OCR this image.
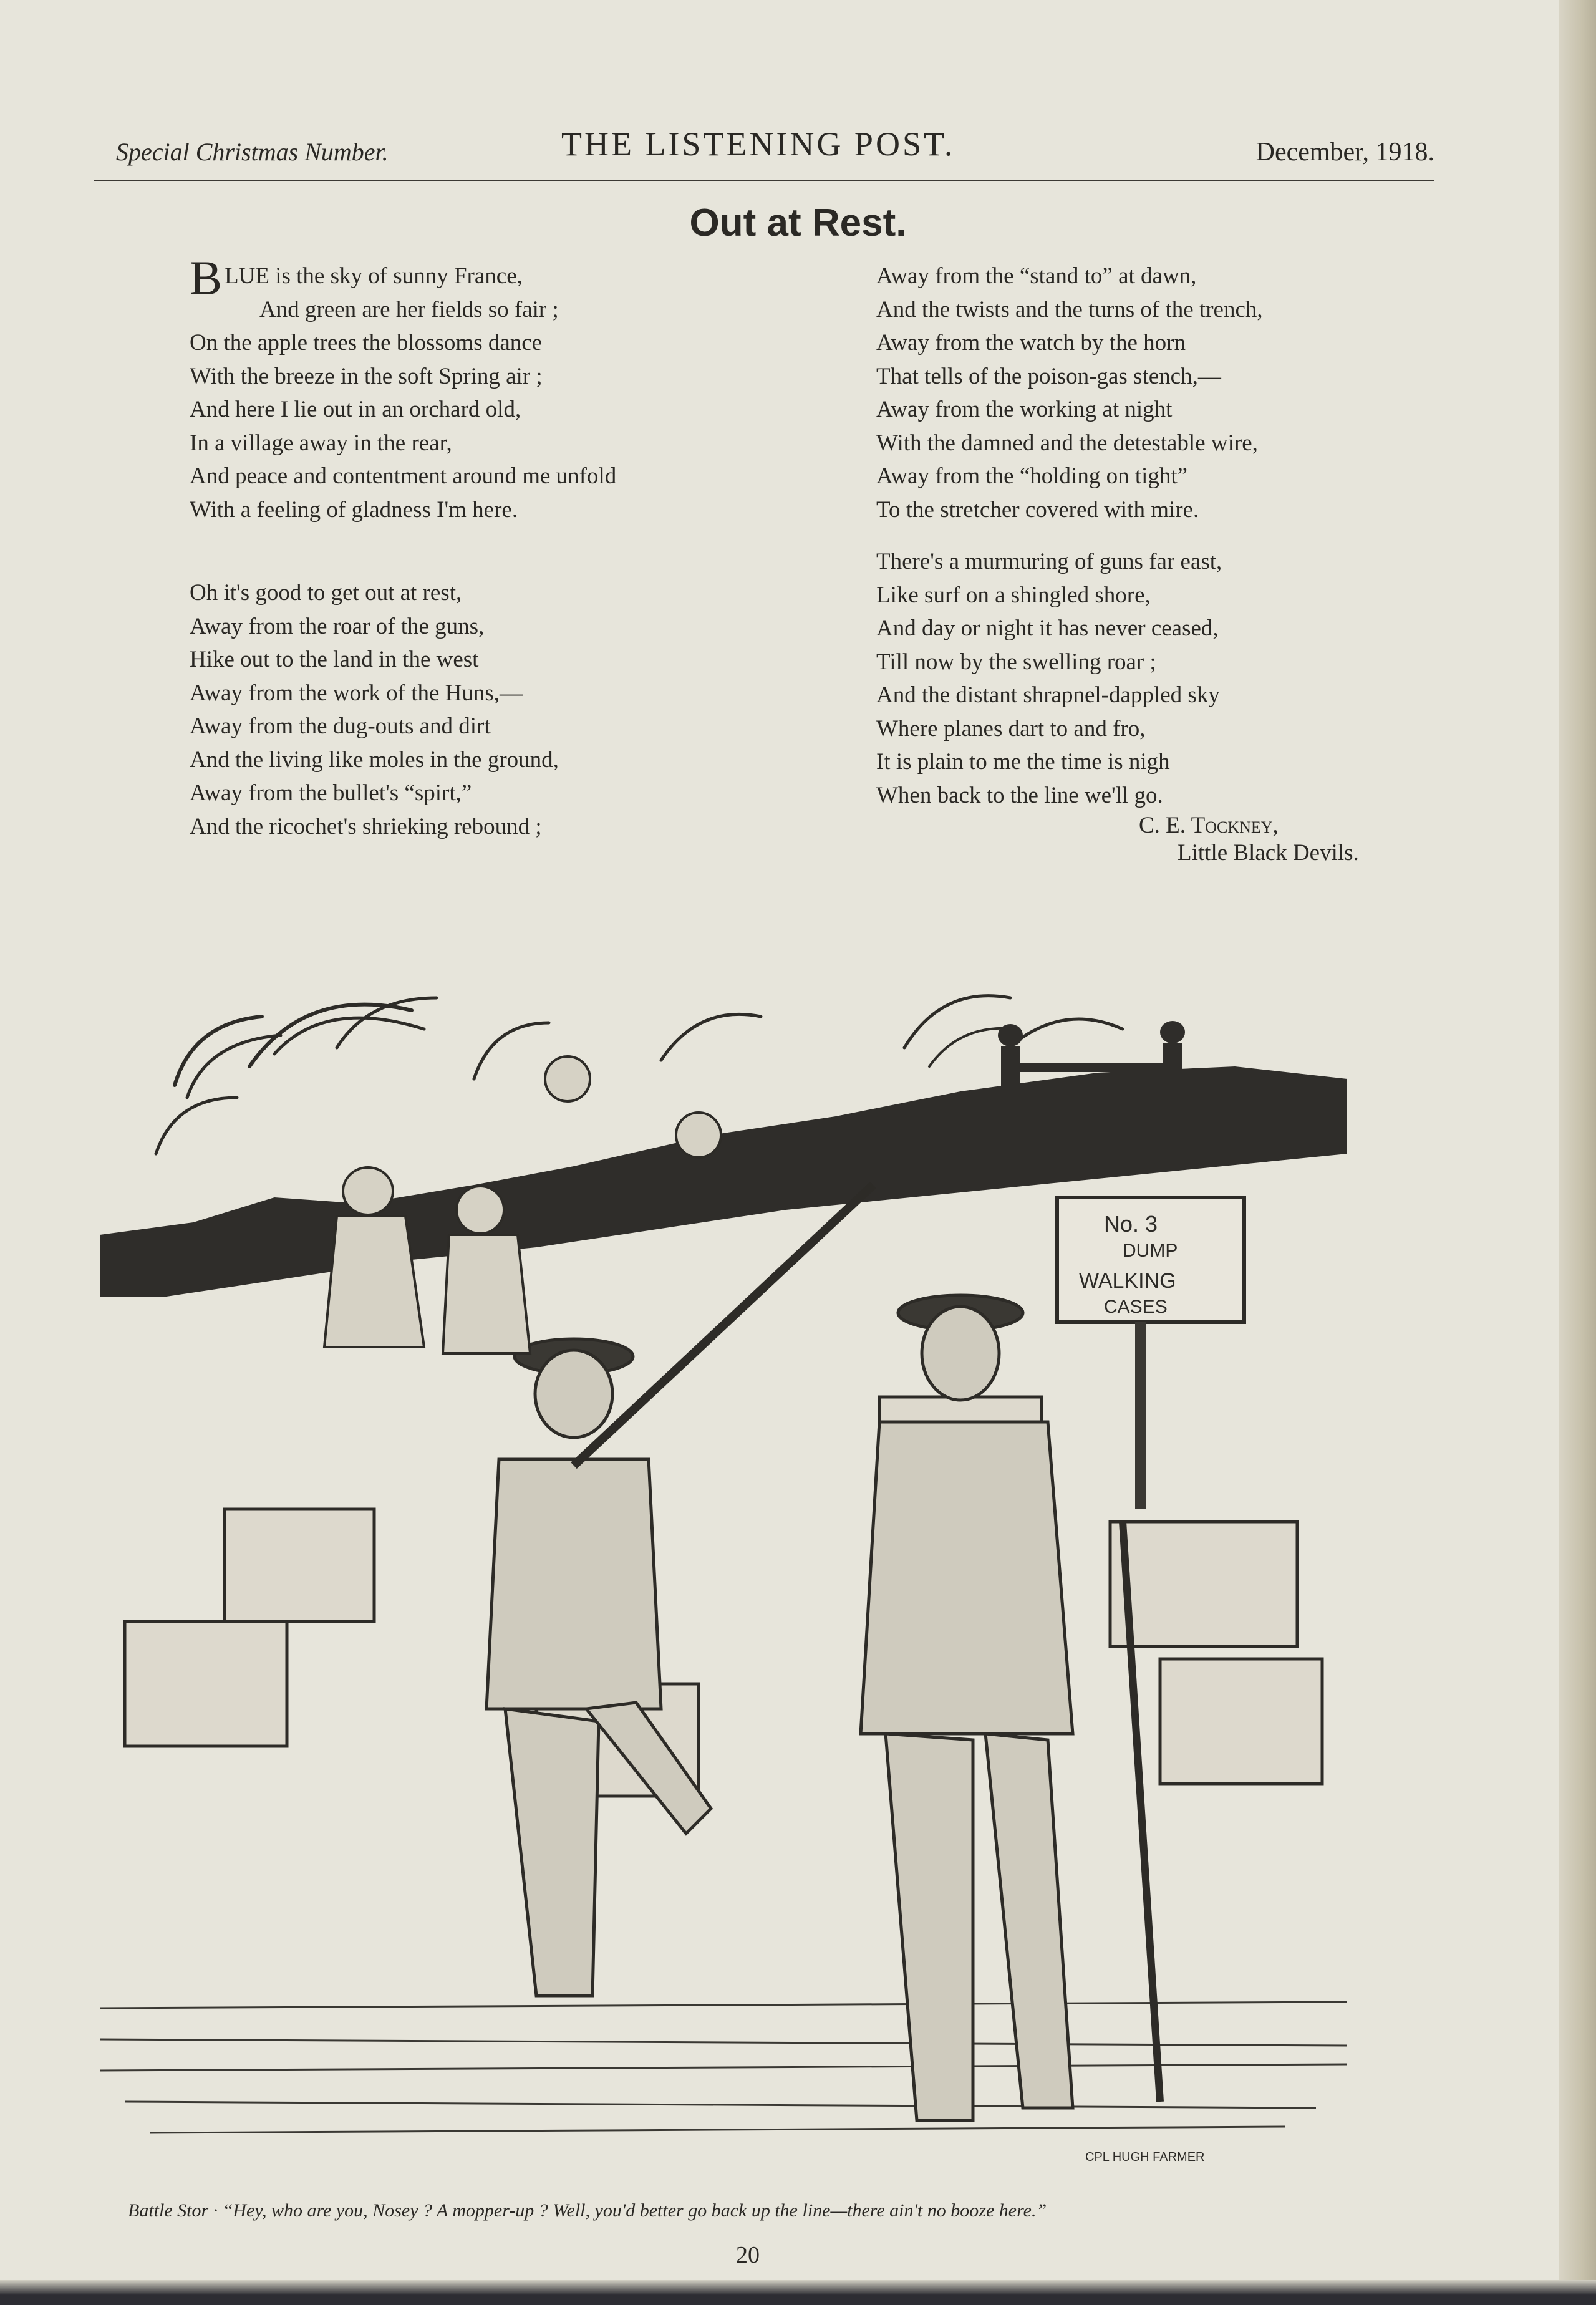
Special Christmas Number.	THE LISTENING POST.	December, 1918.
Out at Rest.
BLUE is the sky of sunny France,
And green are her fields so fair ;
On the apple trees the blossoms dance
With the breeze in the soft Spring air ;
And here I lie out in an orchard old,
In a village away in the rear,
And peace and contentment around me unfold
With a feeling of gladness I'm here.
Oh it's good to get out at rest,
Away from the roar of the guns,
Hike out to the land in the west
Away from the work of the Huns,—
Away from the dug-outs and dirt
And the living like moles in the ground,
Away from the bullet's “spirt,”
And the ricochet's shrieking rebound ;
Away from the “stand to” at dawn,
And the twists and the turns of the trench,
Away from the watch by the horn
That tells of the poison-gas stench,—
Away from the working at night
With the damned and the detestable wire,
Away from the “holding on tight”
To the stretcher covered with mire.
There's a murmuring of guns far east,
Like surf on a shingled shore,
And day or night it has never ceased,
Till now by the swelling roar ;
And the distant shrapnel-dappled sky
Where planes dart to and fro,
It is plain to me the time is nigh
When back to the line we'll go.
C. E. Tockney,
Little Black Devils.
No. 3
DUMP
WALKING
CASES
CPL HUGH FARMER
Battle Stor · “Hey, who are you, Nosey ? A mopper-up ? Well, you'd better go back up the line—there ain't no booze here.”
20
